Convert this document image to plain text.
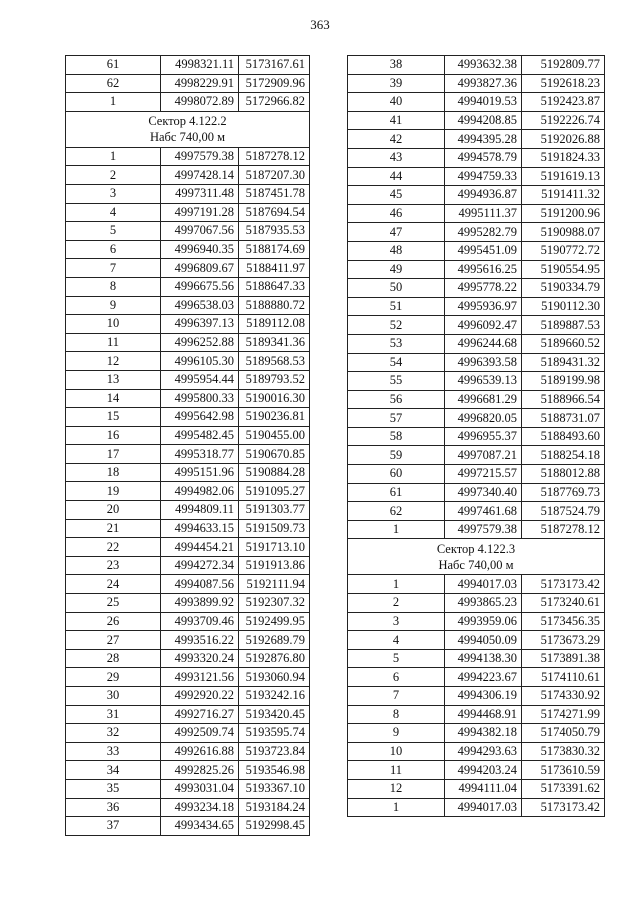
363
61	4998321.11	5173167.61
62	4998229.91	5172909.96
1	4998072.89	5172966.82

Сектор 4.122.2
Набс 740,00 м		

1	4997579.38	5187278.12
2	4997428.14	5187207.30
3	4997311.48	5187451.78
4	4997191.28	5187694.54
5	4997067.56	5187935.53
6	4996940.35	5188174.69
7	4996809.67	5188411.97
8	4996675.56	5188647.33
9	4996538.03	5188880.72
10	4996397.13	5189112.08
11	4996252.88	5189341.36
12	4996105.30	5189568.53
13	4995954.44	5189793.52
14	4995800.33	5190016.30
15	4995642.98	5190236.81
16	4995482.45	5190455.00
17	4995318.77	5190670.85
18	4995151.96	5190884.28
19	4994982.06	5191095.27
20	4994809.11	5191303.77
21	4994633.15	5191509.73
22	4994454.21	5191713.10
23	4994272.34	5191913.86
24	4994087.56	5192111.94
25	4993899.92	5192307.32
26	4993709.46	5192499.95
27	4993516.22	5192689.79
28	4993320.24	5192876.80
29	4993121.56	5193060.94
30	4992920.22	5193242.16
31	4992716.27	5193420.45
32	4992509.74	5193595.74
33	4992616.88	5193723.84
34	4992825.26	5193546.98
35	4993031.04	5193367.10
36	4993234.18	5193184.24
37	4993434.65	5192998.45
38	4993632.38	5192809.77
39	4993827.36	5192618.23
40	4994019.53	5192423.87
41	4994208.85	5192226.74
42	4994395.28	5192026.88
43	4994578.79	5191824.33
44	4994759.33	5191619.13
45	4994936.87	5191411.32
46	4995111.37	5191200.96
47	4995282.79	5190988.07
48	4995451.09	5190772.72
49	4995616.25	5190554.95
50	4995778.22	5190334.79
51	4995936.97	5190112.30
52	4996092.47	5189887.53
53	4996244.68	5189660.52
54	4996393.58	5189431.32
55	4996539.13	5189199.98
56	4996681.29	5188966.54
57	4996820.05	5188731.07
58	4996955.37	5188493.60
59	4997087.21	5188254.18
60	4997215.57	5188012.88
61	4997340.40	5187769.73
62	4997461.68	5187524.79
1	4997579.38	5187278.12

Сектор 4.122.3
Набс 740,00 м		

1	4994017.03	5173173.42
2	4993865.23	5173240.61
3	4993959.06	5173456.35
4	4994050.09	5173673.29
5	4994138.30	5173891.38
6	4994223.67	5174110.61
7	4994306.19	5174330.92
8	4994468.91	5174271.99
9	4994382.18	5174050.79
10	4994293.63	5173830.32
11	4994203.24	5173610.59
12	4994111.04	5173391.62
1	4994017.03	5173173.42
